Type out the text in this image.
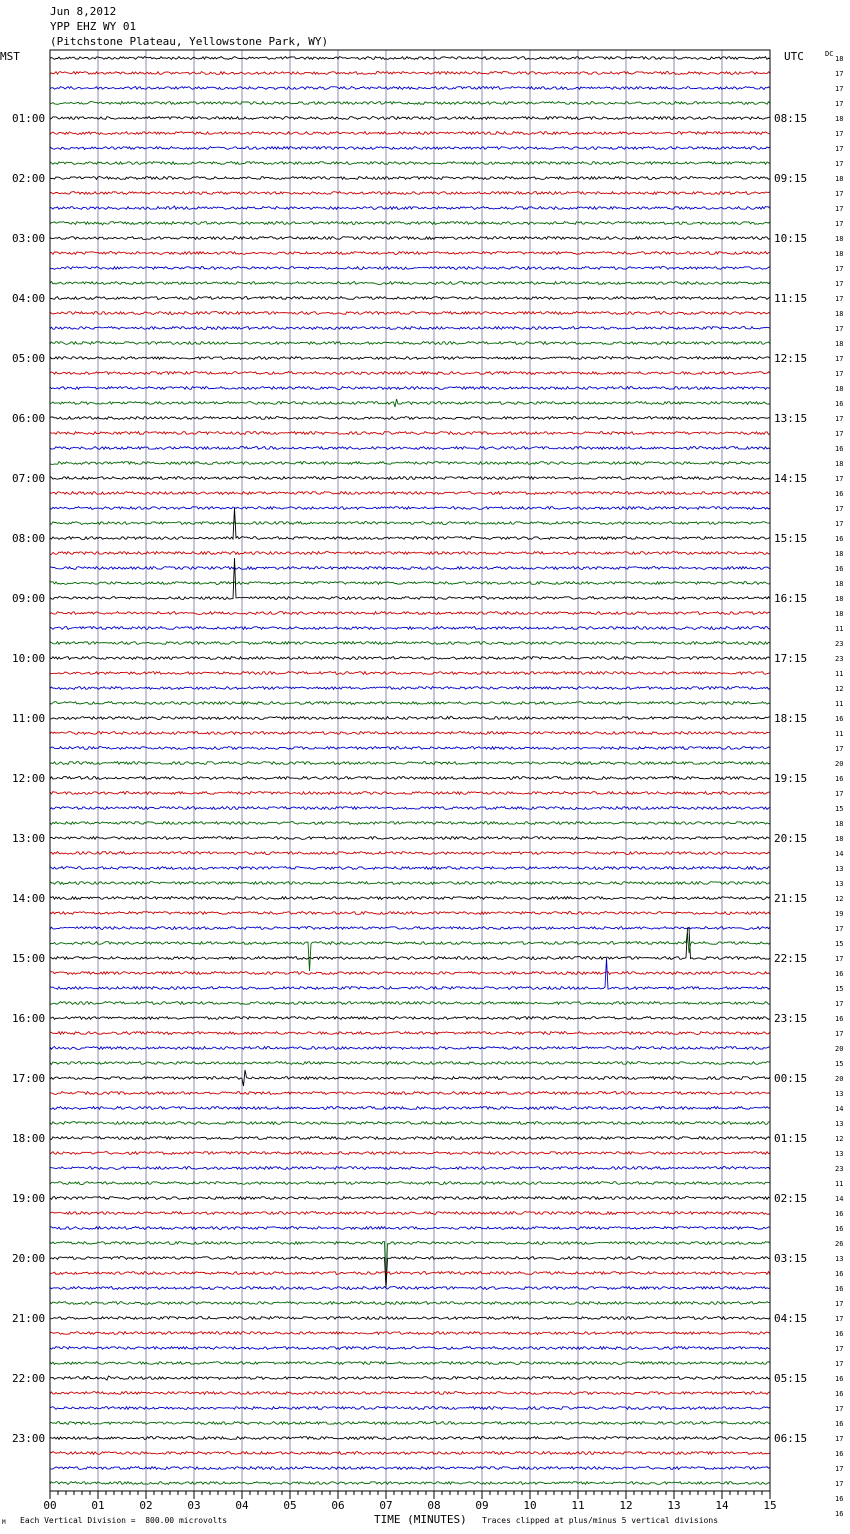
Jun 8,2012
YPP EHZ WY 01
(Pitchstone Plateau, Yellowstone Park, WY)
00	01	02	03	04	05	06	07	08	09	10	11	12	13	14	15
01:00	08:15
02:00	09:15
03:00	10:15
04:00	11:15
05:00	12:15
06:00	13:15
07:00	14:15
08:00	15:15
09:00	16:15
10:00	17:15
11:00	18:15
12:00	19:15
13:00	20:15
14:00	21:15
15:00	22:15
16:00	23:15
17:00	00:15
18:00	01:15
19:00	02:15
20:00	03:15
21:00	04:15
22:00	05:15
23:00	06:15
18
17
17
17
18
17
17
17
18
17
17
17
18
18
17
17
17
18
17
18
17
17
18
16
17
17
16
18
17
16
17
17
16
18
16
18
18
18
11
23
23
11
12
11
16
11
17
20
16
17
15
18
18
14
13
13
12
19
17
15
17
16
15
17
16
17
20
15
20
13
14
13
12
13
23
11
14
16
16
26
13
16
16
17
17
16
17
17
16
16
17
16
17
16
17
17
16
16
MST	UTC	DC
M Each Vertical Division =  800.00 microvolts	TIME (MINUTES) Traces clipped at plus/minus 5 vertical divisions
